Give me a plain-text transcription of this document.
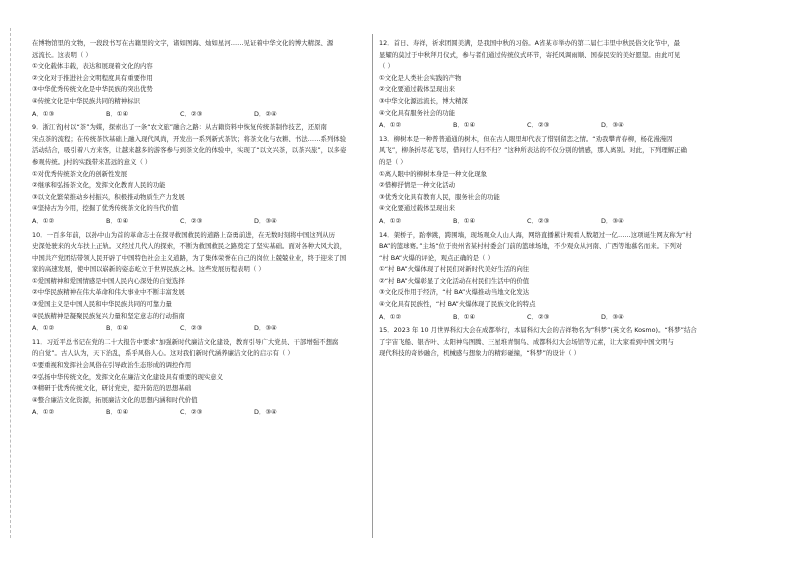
在博物馆里的文物，一段段书写在古籍里的文字，诸如图海、灿如星河……见证着中华文化的博大精深、源
远流长。这表明（ ）
①文化载体丰载，表达和展现着文化的内容
②文化对于推进社会文明程度具有重要作用
③中华优秀传统文化是中华民族的突出优势
④传统文化是中华民族共同的精神标识
A．①③	B．①④	C．②③	D．②④
9．浙江省J村以“茶”为媒，探索出了一条“农文旅”融合之路：从古籍资料中恢复传统茶制作技艺，还原南
宋点茶的流程；在传统茶饮基础上融入现代风尚，开发出一系列新式茶饮；将茶文化与农耕、书法……系列体验
活动结合，吸引着八方来客，让越来越多的游客参与到茶文化的体验中，实现了“以文兴茶，以茶兴旅”，以多姿
参观传统。J村的实践带来甚远的意义（ ）
①对优秀传统茶文化的创新性发展
②继承和弘扬茶文化，发挥文化教育人民的功能
③以文化繁荣推动乡村振兴，积极推动物质生产力发展
④坚持古为今用，挖掘了优秀传统茶文化的当代价值
A．①②	B．①④	C．②③	D．③④
10．一百多年前，以孙中山为首的革命志士在探寻救国救民的道路上奋勇前进，在无数时刻将中国这列从历
史深处驶来的火车扶上正轨。又经过几代人的探索，不断为救国救民之路奠定了坚实基础。面对各种大风大浪，
中国共产党团结带领人民开辟了中国特色社会主义道路，为了集体荣誉在自己的岗位上兢兢业业，终于迎来了国
家的高速发展，使中国以崭新的姿态屹立于世界民族之林。这些发展历程表明（ ）
①爱国精神和爱国情感是中国人民内心深处的自觉选择
②中华民族精神在伟大革命和伟大事业中不断丰富发展
③爱国主义是中国人民和中华民族共同的可靠力量
④民族精神是凝聚民族复兴力量和坚定意志的行动指南
A．①②	B．①④	C．②③	D．③④
11．习近平总书记在党的二十大报告中要求“加强新时代廉洁文化建设，教育引导广大党员、干部增强不想腐
的自觉”。古人认为，天下治乱，系乎风俗人心。这对我们新时代涵养廉洁文化的启示有（ ）
①要重视和发挥社会风俗在引导政治生态形成的调控作用
②弘扬中华传统文化，发挥文化在廉洁文化建设具有重要的现实意义
③精研于优秀传统文化，研讨党史，提升防范的思想基础
④整合廉洁文化资源，拓展廉洁文化的思想内涵和时代价值
A．①②	B．①④	C．②③	D．③④
12．首日、寿祥，祈求团圆美满，是我国中秋的习俗。A省某市举办的第二届仁丰里中秋民俗文化节中，最
显耀的莫过于中秋拜月仪式，参与者们通过传统仪式环节，寄托风调雨顺、国泰民安的美好愿望。由此可见
（ ）
①文化是人类社会实践的产物
②文化要通过载体呈现出来
③中华文化源远流长，博大精深
④文化具有服务社会的功能
A．①②	B．①④	C．②③	D．③④
13．柳树本是一种普普通通的树木，但在古人眼里却代表了惜别留恋之情。“劝我攀青春柳，杨花漫漫因
风飞”，柳条折尽花飞尽，借问行人归不归？”这种所表达的不仅分别的情感，那人离别。对此，下列理解正确
的是（ ）
①离人眼中的柳树本身是一种文化现象
②惜柳抒情是一种文化活动
③优秀文化具有教育人民，服务社会的功能
④文化要通过载体呈现出来
A．①②	B．①④	C．②③	D．③④
14．架桥子，跆拳跳，跨围墙，现场观众人山人海，网络直播累计观看人数超过一亿……这项诞生网友称为“村
BA”的篮球赛。”主场“位于贵州省某村村委会门前的篮球场地，不少观众从河南、广西等地慕名而来。下列对
“村 BA”火爆的评论，观点正确的是（ ）
①“村 BA”火爆体现了村民们对新时代美好生活的向往
②“村 BA”火爆彰显了文化活动在村民们生活中的价值
③文化反作用于经济，“村 BA”火爆推动当地文化发达
④文化具有民族性，“村 BA”火爆体现了民族文化的特点
A．①②	B．①④	C．②③	D．③④
15．2023 年 10 月世界科幻大会在成都举行，本届科幻大会的吉祥物名为“科梦”(英文名 Kosmo)。“科梦”结合
了宇宙飞船、银杏叶、太阳神鸟图腾、三星堆青铜鸟、成都科幻大会场馆等元素，让大家看到中国文明与
现代科技的奇妙融合，机械感与想象力的精彩碰撞，“科梦”的设计（ ）
